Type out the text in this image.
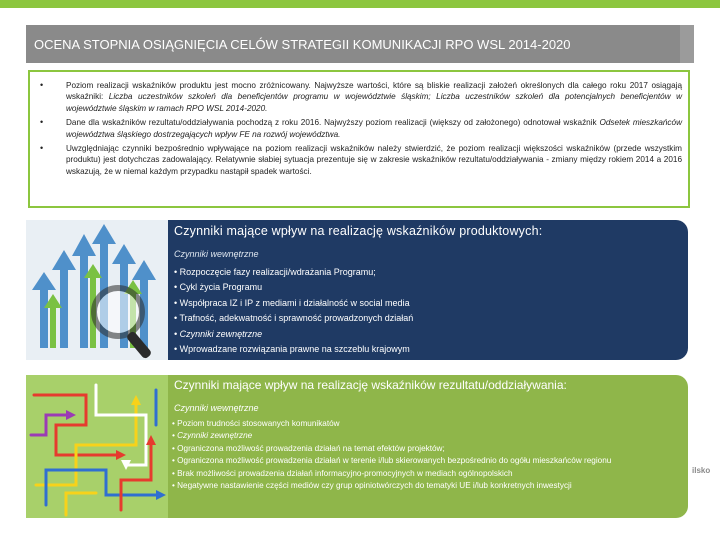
OCENA STOPNIA OSIĄGNIĘCIA CELÓW STRATEGII KOMUNIKACJI RPO WSL 2014-2020
• Poziom realizacji wskaźników produktu jest mocno zróżnicowany. Najwyższe wartości, które są bliskie realizacji założeń określonych dla całego roku 2017 osiągają wskaźniki: Liczba uczestników szkoleń dla beneficjentów programu w województwie śląskim; Liczba uczestników szkoleń dla potencjalnych beneficjentów w województwie śląskim w ramach RPO WSL 2014-2020.
• Dane dla wskaźników rezultatu/oddziaływania pochodzą z roku 2016. Najwyższy poziom realizacji (większy od założonego) odnotował wskaźnik Odsetek mieszkańców województwa śląskiego dostrzegających wpływ FE na rozwój województwa.
• Uwzględniając czynniki bezpośrednio wpływające na poziom realizacji wskaźników należy stwierdzić, że poziom realizacji większości wskaźników (przede wszystkim produktu) jest dotychczas zadowalający. Relatywnie słabiej sytuacja prezentuje się w zakresie wskaźników rezultatu/oddziaływania - zmiany między rokiem 2014 a 2016 wskazują, że w niemal każdym przypadku nastąpił spadek wartości.
Czynniki mające wpływ na realizację wskaźników produktowych:
Czynniki wewnętrzne
• Rozpoczęcie fazy realizacji/wdrażania Programu;
• Cykl życia Programu
• Współpraca IZ i IP z mediami i działalność w social media
• Trafność, adekwatność i sprawność prowadzonych działań
• Czynniki zewnętrzne
• Wprowadzane rozwiązania prawne na szczeblu krajowym
Czynniki mające wpływ na realizację wskaźników rezultatu/oddziaływania:
Czynniki wewnętrzne
• Poziom trudności stosowanych komunikatów
• Czynniki zewnętrzne
• Ograniczona możliwość prowadzenia działań na temat efektów projektów;
• Ograniczona możliwość prowadzenia działań w terenie i/lub skierowanych bezpośrednio do ogółu mieszkańców regionu
• Brak możliwości prowadzenia działań informacyjno-promocyjnych w mediach ogólnopolskich
• Negatywne nastawienie części mediów czy grup opiniotwórczych do tematyki UE i/lub konkretnych inwestycji
ilsko
